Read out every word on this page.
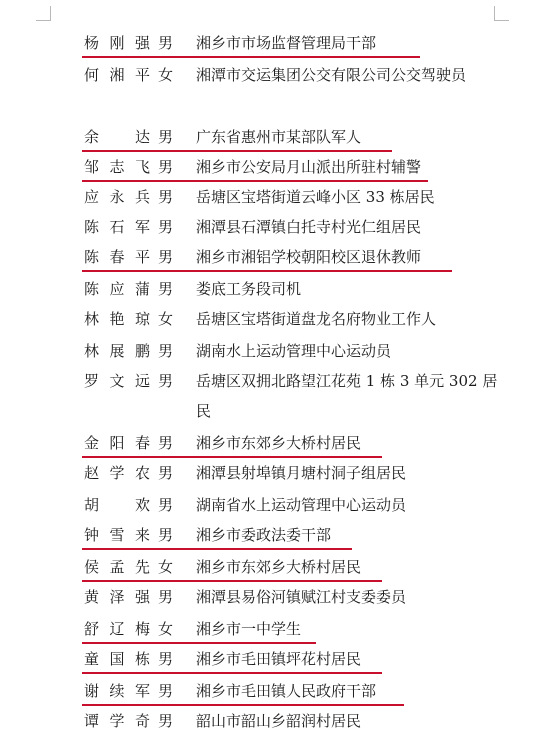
杨刚强 男 湘乡市市场监督管理局干部
何湘平 女 湘潭市交运集团公交有限公司公交驾驶员
余　达 男 广东省惠州市某部队军人
邹志飞 男 湘乡市公安局月山派出所驻村辅警
应永兵 男 岳塘区宝塔街道云峰小区 33 栋居民
陈石军 男 湘潭县石潭镇白托寺村光仁组居民
陈春平 男 湘乡市湘铝学校朝阳校区退休教师
陈应蒲 男 娄底工务段司机
林艳琼 女 岳塘区宝塔街道盘龙名府物业工作人
林展鹏 男 湖南水上运动管理中心运动员
罗文远 男 岳塘区双拥北路望江花苑 1 栋 3 单元 302 居民
金阳春 男 湘乡市东郊乡大桥村居民
赵学农 男 湘潭县射埠镇月塘村洞子组居民
胡　欢 男 湖南省水上运动管理中心运动员
钟雪来 男 湘乡市委政法委干部
侯孟先 女 湘乡市东郊乡大桥村居民
黄泽强 男 湘潭县易俗河镇赋江村支委委员
舒辽梅 女 湘乡市一中学生
童国栋 男 湘乡市毛田镇坪花村居民
谢续军 男 湘乡市毛田镇人民政府干部
谭学奇 男 韶山市韶山乡韶润村居民
